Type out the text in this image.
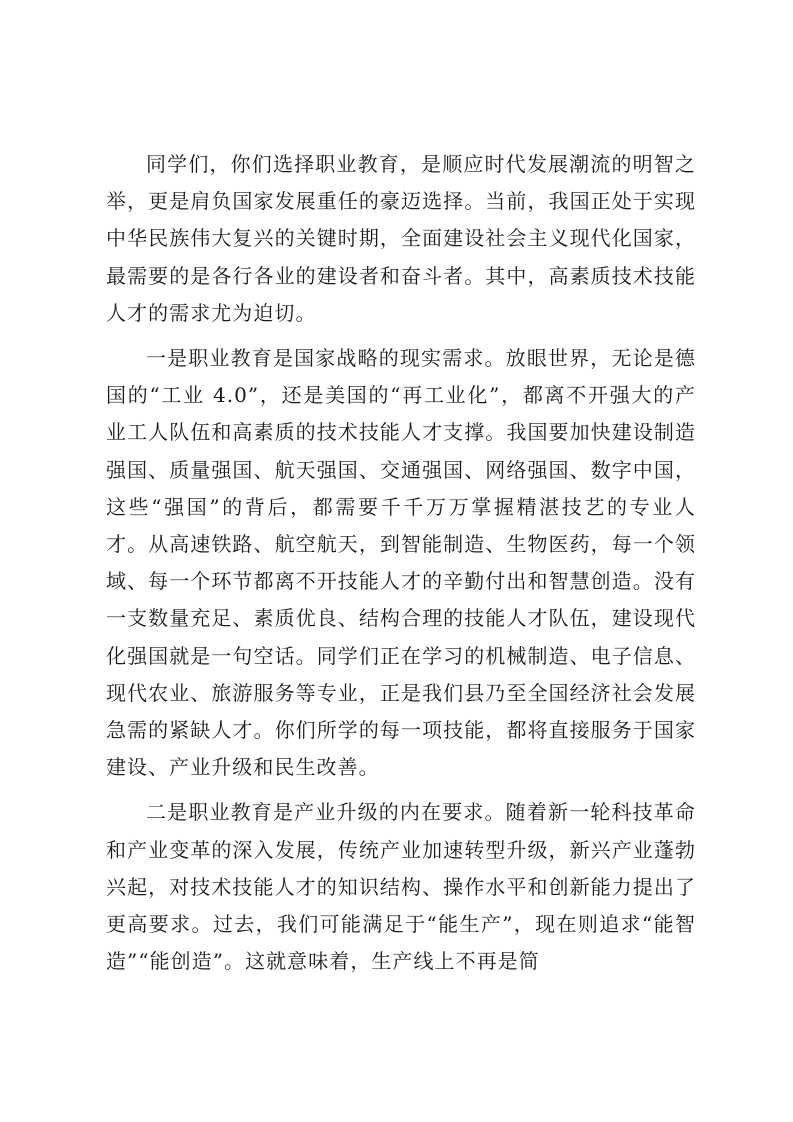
同学们，你们选择职业教育，是顺应时代发展潮流的明智之举，更是肩负国家发展重任的豪迈选择。当前，我国正处于实现中华民族伟大复兴的关键时期，全面建设社会主义现代化国家，最需要的是各行各业的建设者和奋斗者。其中，高素质技术技能人才的需求尤为迫切。

一是职业教育是国家战略的现实需求。放眼世界，无论是德国的“工业 4.0”，还是美国的“再工业化”，都离不开强大的产业工人队伍和高素质的技术技能人才支撑。我国要加快建设制造强国、质量强国、航天强国、交通强国、网络强国、数字中国，这些“强国”的背后，都需要千千万万掌握精湛技艺的专业人才。从高速铁路、航空航天，到智能制造、生物医药，每一个领域、每一个环节都离不开技能人才的辛勤付出和智慧创造。没有一支数量充足、素质优良、结构合理的技能人才队伍，建设现代化强国就是一句空话。同学们正在学习的机械制造、电子信息、现代农业、旅游服务等专业，正是我们县乃至全国经济社会发展急需的紧缺人才。你们所学的每一项技能，都将直接服务于国家建设、产业升级和民生改善。

二是职业教育是产业升级的内在要求。随着新一轮科技革命和产业变革的深入发展，传统产业加速转型升级，新兴产业蓬勃兴起，对技术技能人才的知识结构、操作水平和创新能力提出了更高要求。过去，我们可能满足于“能生产”，现在则追求“能智造”“能创造”。这就意味着，生产线上不再是简
